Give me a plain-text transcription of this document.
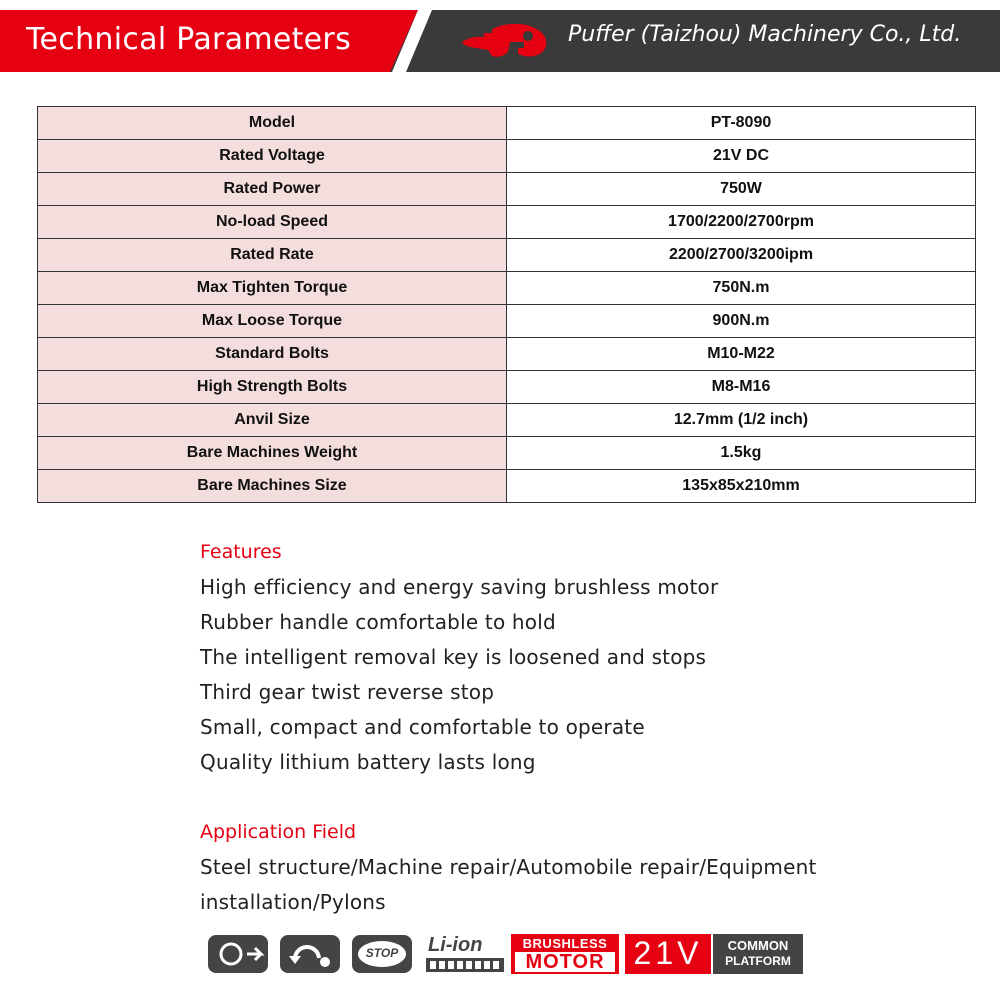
Technical Parameters	Puffer (Taizhou) Machinery Co., Ltd.
Model	PT-8090
Rated Voltage	21V DC
Rated Power	750W
No-load Speed	1700/2200/2700rpm
Rated Rate	2200/2700/3200ipm
Max Tighten Torque	750N.m
Max Loose Torque	900N.m
Standard Bolts	M10-M22
High Strength Bolts	M8-M16
Anvil Size	12.7mm (1/2 inch)
Bare Machines Weight	1.5kg
Bare Machines Size	135x85x210mm
Features
High efficiency and energy saving brushless motor
Rubber handle comfortable to hold
The intelligent removal key is loosened and stops
Third gear twist reverse stop
Small, compact and comfortable to operate
Quality lithium battery lasts long
Application Field
Steel structure/Machine repair/Automobile repair/Equipment
installation/Pylons
STOP	Li-ion	BRUSHLESS
MOTOR 21V	COMMON
PLATFORM
